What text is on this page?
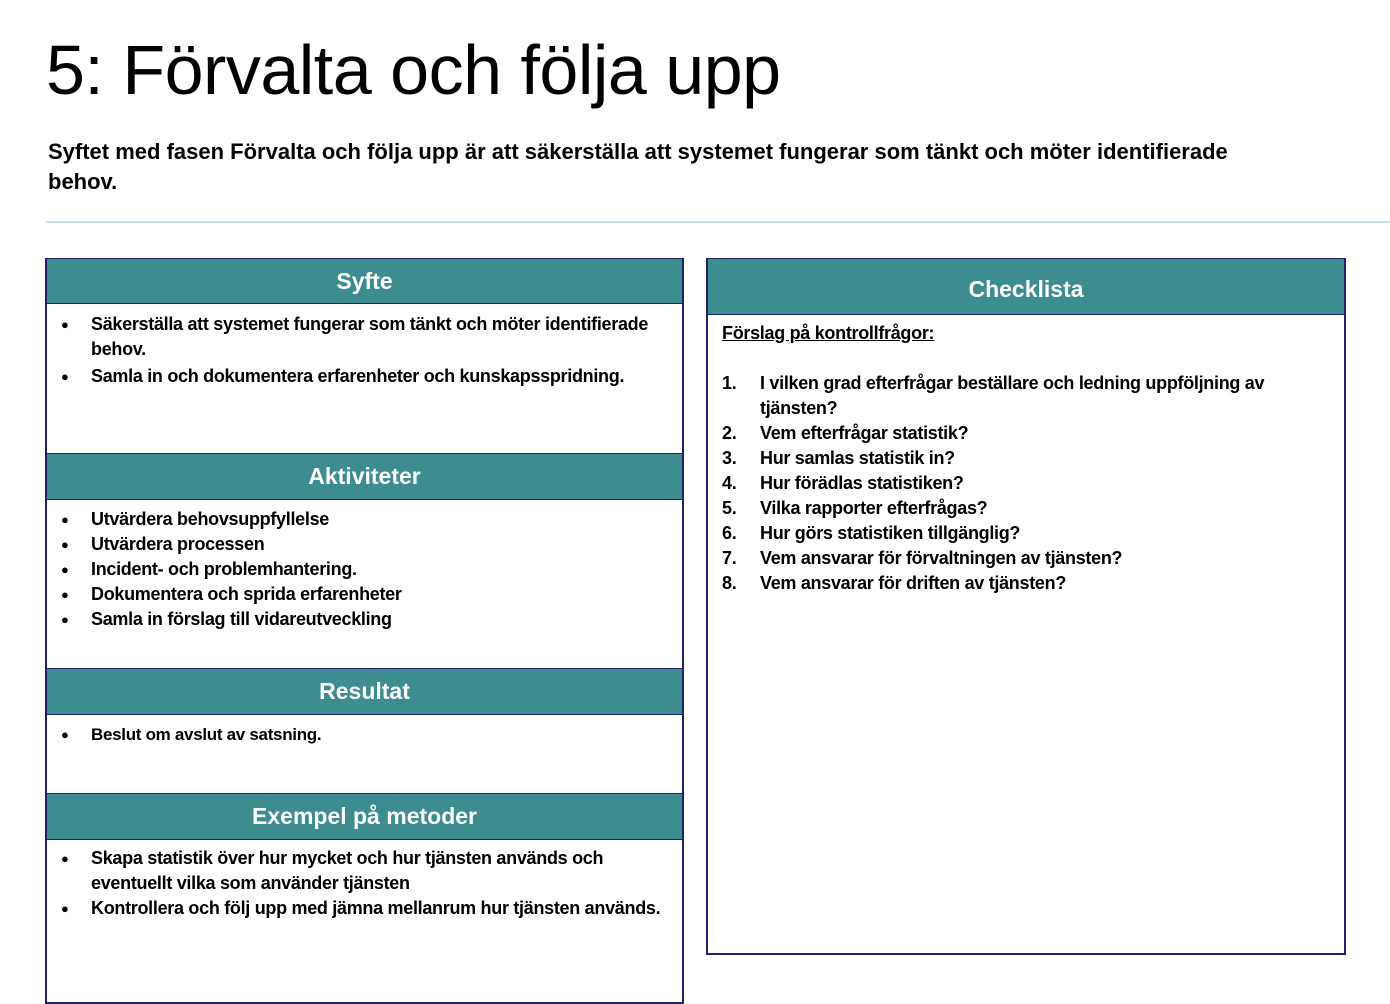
5: Förvalta och följa upp
Syftet med fasen Förvalta och följa upp är att säkerställa att systemet fungerar som tänkt och möter identifierade behov.
Syfte
● Säkerställa att systemet fungerar som tänkt och möter identifierade behov.
● Samla in och dokumentera erfarenheter och kunskapsspridning.
Aktiviteter
● Utvärdera behovsuppfyllelse
● Utvärdera processen
● Incident- och problemhantering.
● Dokumentera och sprida erfarenheter
● Samla in förslag till vidareutveckling
Resultat
● Beslut om avslut av satsning.
Exempel på metoder
● Skapa statistik över hur mycket och hur tjänsten används och eventuellt vilka som använder tjänsten
● Kontrollera och följ upp med jämna mellanrum hur tjänsten används.
Checklista
Förslag på kontrollfrågor:
1. I vilken grad efterfrågar beställare och ledning uppföljning av tjänsten?
2. Vem efterfrågar statistik?
3. Hur samlas statistik in?
4. Hur förädlas statistiken?
5. Vilka rapporter efterfrågas?
6. Hur görs statistiken tillgänglig?
7. Vem ansvarar för förvaltningen av tjänsten?
8. Vem ansvarar för driften av tjänsten?
